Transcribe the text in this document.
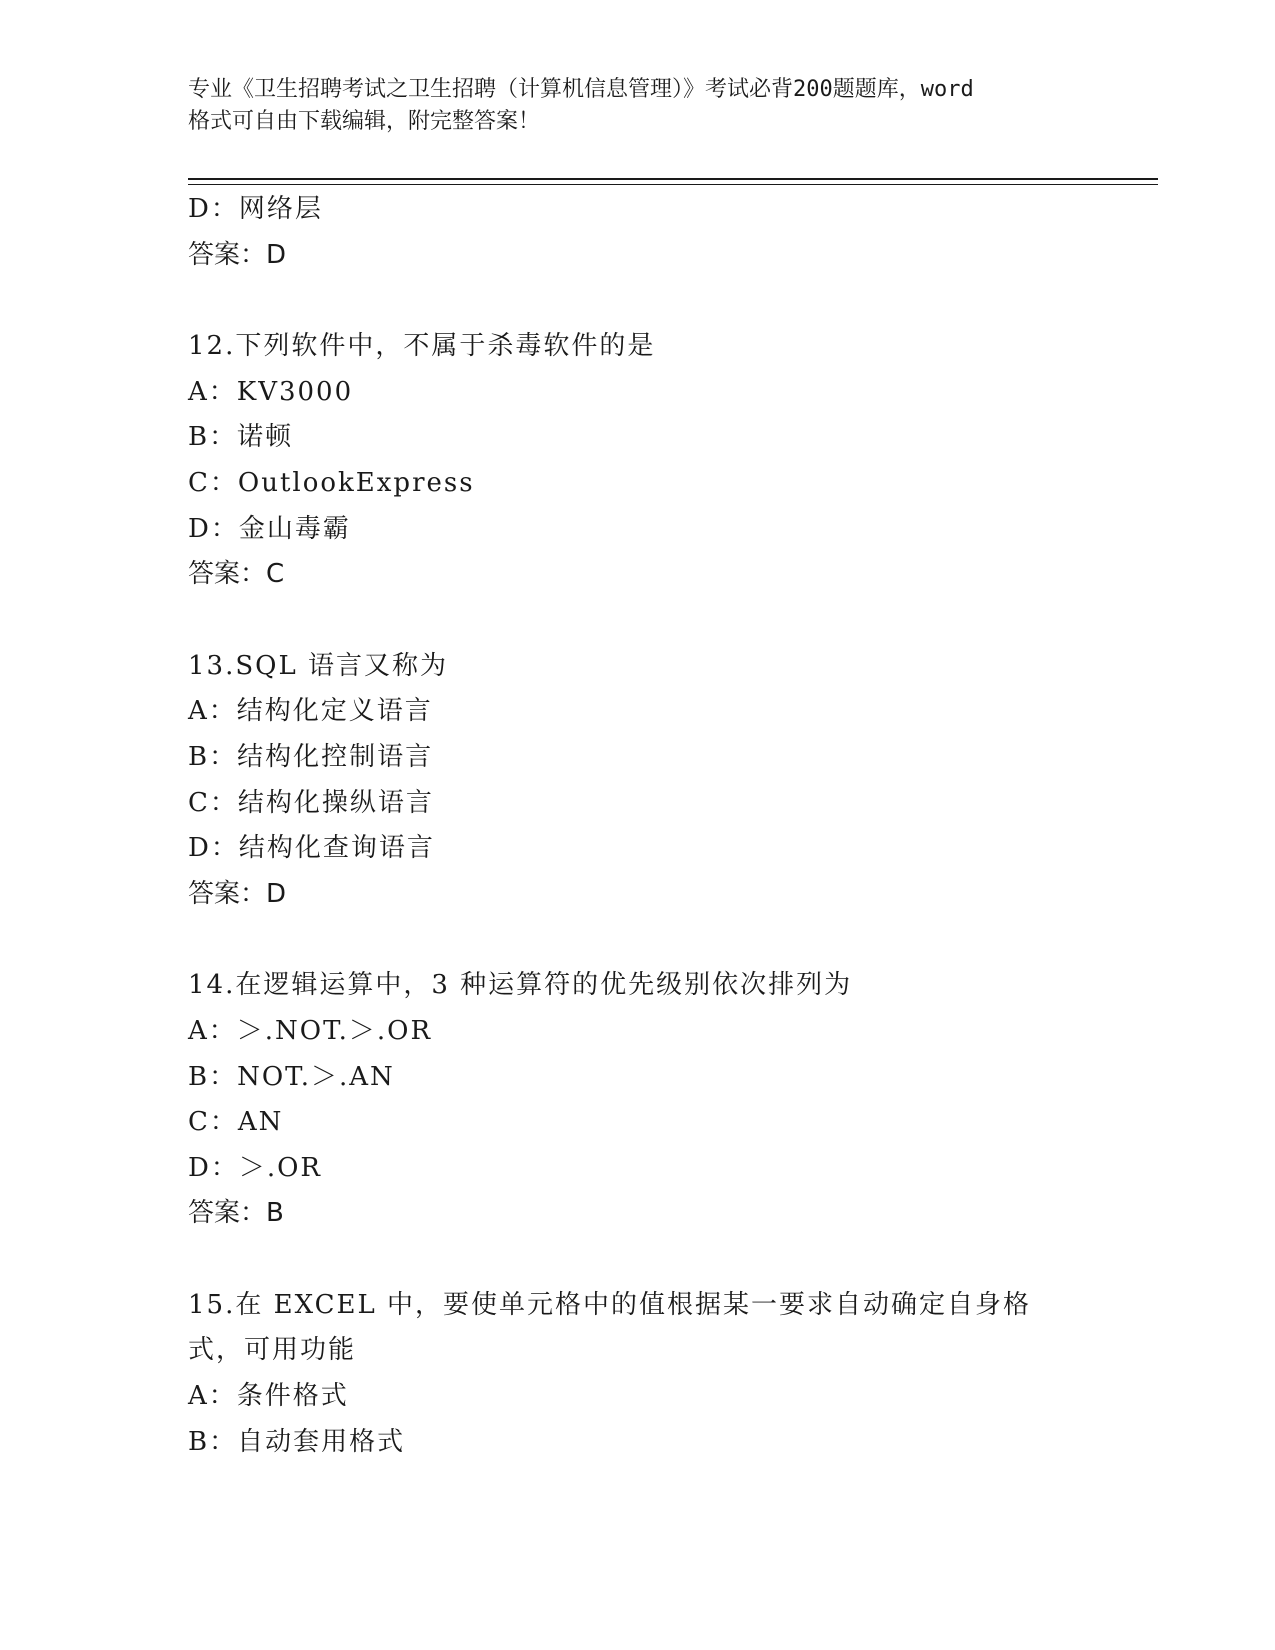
专业《卫生招聘考试之卫生招聘（计算机信息管理）》考试必背200题题库，word
格式可自由下载编辑，附完整答案！
D：网络层
答案：D
12.下列软件中，不属于杀毒软件的是
A：KV3000
B：诺顿
C：OutlookExpress
D：金山毒霸
答案：C
13.SQL 语言又称为
A：结构化定义语言
B：结构化控制语言
C：结构化操纵语言
D：结构化查询语言
答案：D
14.在逻辑运算中，3 种运算符的优先级别依次排列为
A：＞.NOT.＞.OR
B：NOT.＞.AN
C：AN
D：＞.OR
答案：B
15.在 EXCEL 中，要使单元格中的值根据某一要求自动确定自身格式，可用功能
A：条件格式
B：自动套用格式
